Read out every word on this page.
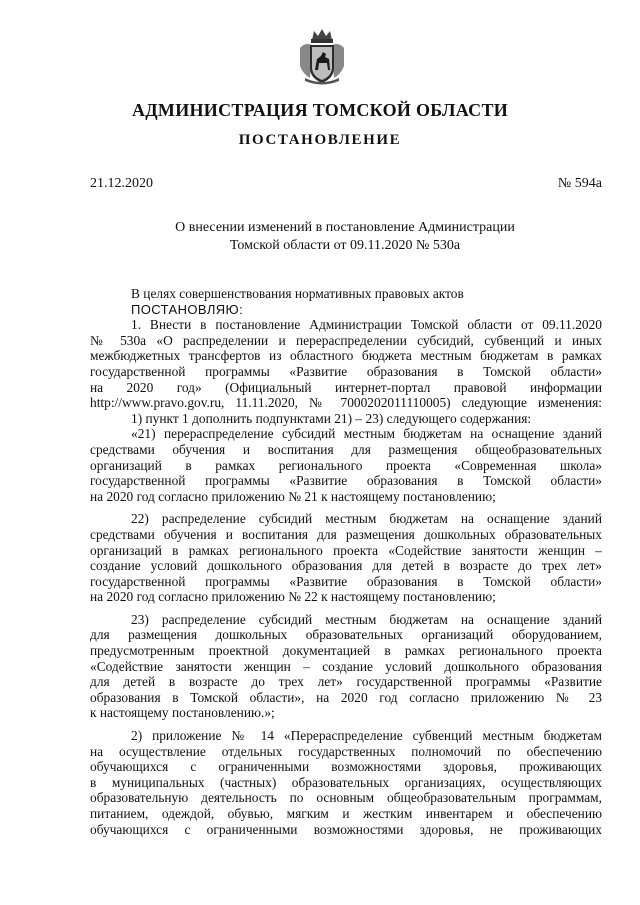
АДМИНИСТРАЦИЯ ТОМСКОЙ ОБЛАСТИ
ПОСТАНОВЛЕНИЕ
21.12.2020	№ 594а
О внесении изменений в постановление Администрации
Томской области от 09.11.2020 № 530а

В целях совершенствования нормативных правовых актов
ПОСТАНОВЛЯЮ:

1. Внести в постановление Администрации Томской области от 09.11.2020
№ 530а «О распределении и перераспределении субсидий, субвенций и иных
межбюджетных трансфертов из областного бюджета местным бюджетам в рамках
государственной программы «Развитие образования в Томской области»
на 2020 год» (Официальный интернет-портал правовой информации
http://www.pravo.gov.ru, 11.11.2020, № 7000202011110005) следующие изменения:

1) пункт 1 дополнить подпунктами 21) – 23) следующего содержания:

«21) перераспределение субсидий местным бюджетам на оснащение зданий
средствами обучения и воспитания для размещения общеобразовательных
организаций в рамках регионального проекта «Современная школа»
государственной программы «Развитие образования в Томской области»
на 2020 год согласно приложению № 21 к настоящему постановлению;

22) распределение субсидий местным бюджетам на оснащение зданий
средствами обучения и воспитания для размещения дошкольных образовательных
организаций в рамках регионального проекта «Содействие занятости женщин –
создание условий дошкольного образования для детей в возрасте до трех лет»
государственной программы «Развитие образования в Томской области»
на 2020 год согласно приложению № 22 к настоящему постановлению;

23) распределение субсидий местным бюджетам на оснащение зданий
для размещения дошкольных образовательных организаций оборудованием,
предусмотренным проектной документацией в рамках регионального проекта
«Содействие занятости женщин – создание условий дошкольного образования
для детей в возрасте до трех лет» государственной программы «Развитие
образования в Томской области», на 2020 год согласно приложению № 23
к настоящему постановлению.»;

2) приложение № 14 «Перераспределение субвенций местным бюджетам
на осуществление отдельных государственных полномочий по обеспечению
обучающихся с ограниченными возможностями здоровья, проживающих
в муниципальных (частных) образовательных организациях, осуществляющих
образовательную деятельность по основным общеобразовательным программам,
питанием, одеждой, обувью, мягким и жестким инвентарем и обеспечению
обучающихся с ограниченными возможностями здоровья, не проживающих
